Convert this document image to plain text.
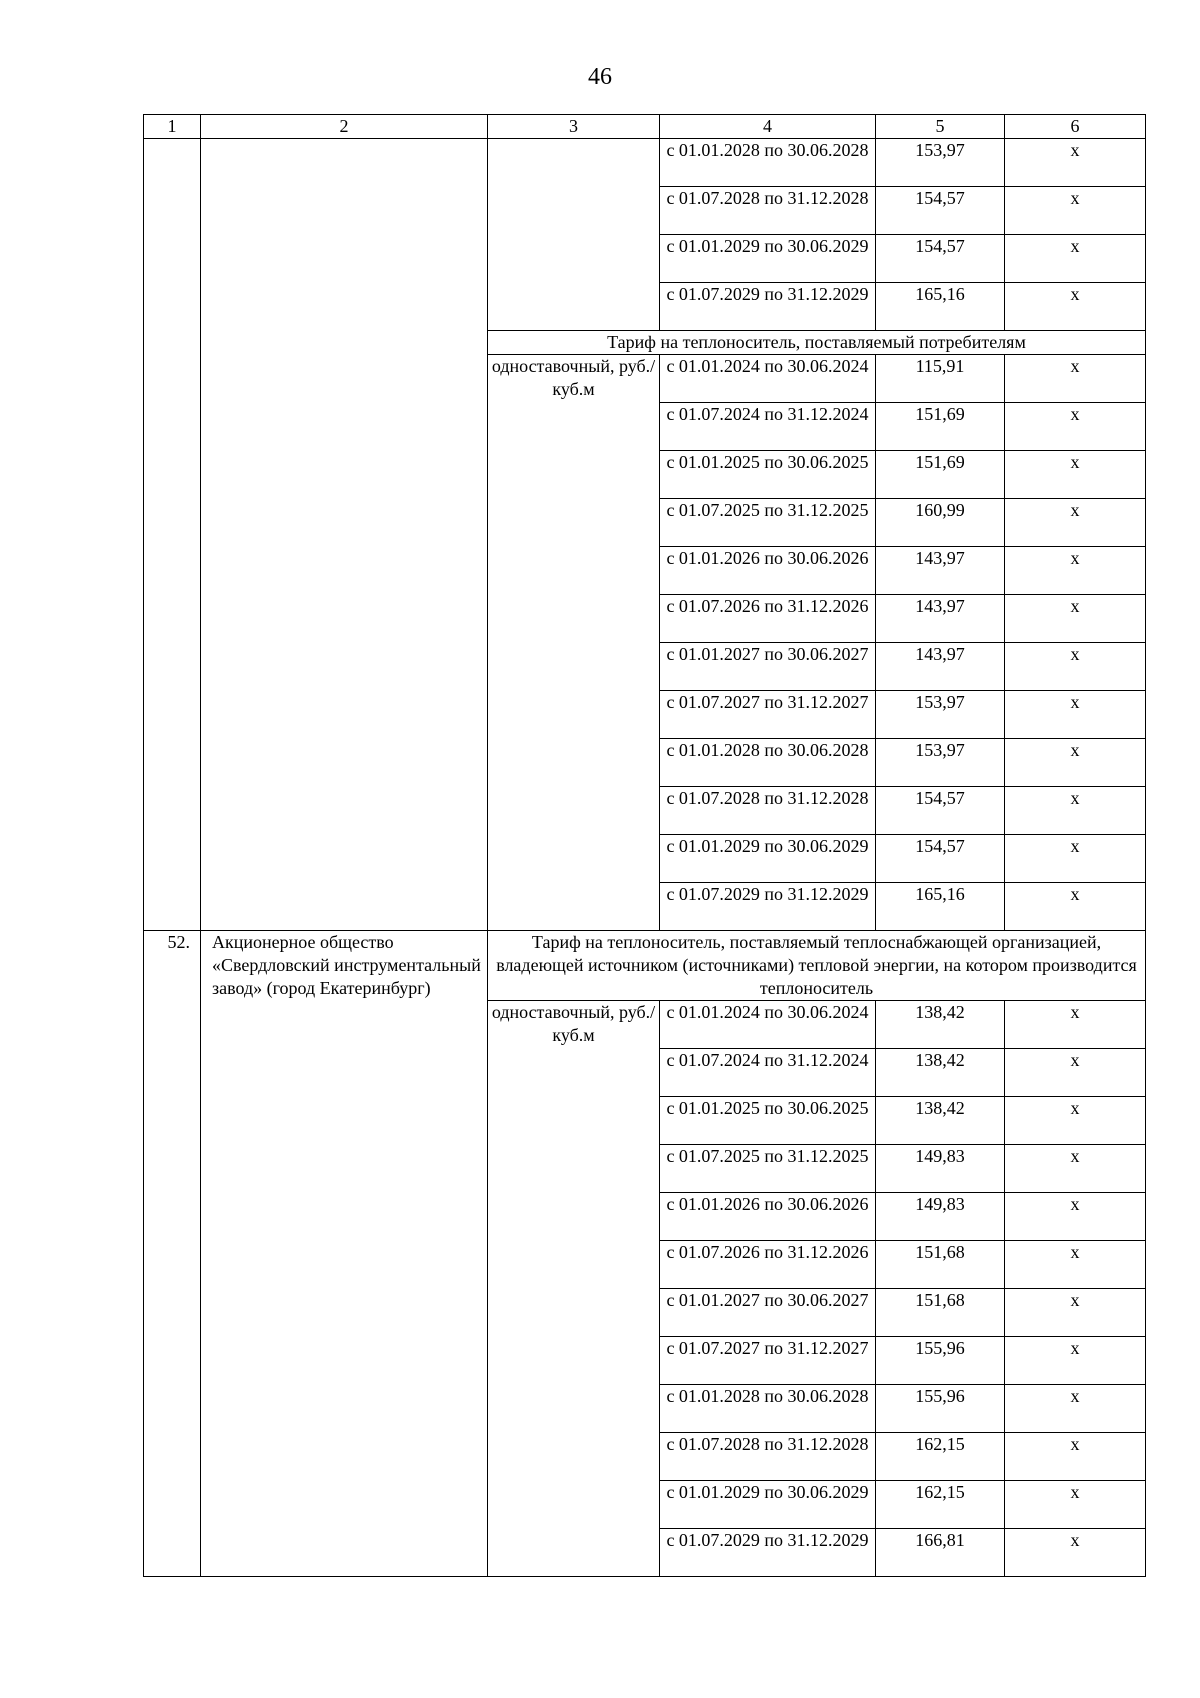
46
1	2	3	4	5	6
			с 01.01.2028 по 30.06.2028	153,97	х
			с 01.07.2028 по 31.12.2028	154,57	х
			с 01.01.2029 по 30.06.2029	154,57	х
			с 01.07.2029 по 31.12.2029	165,16	х
		Тариф на теплоноситель, поставляемый потребителям			
		одноставочный, руб./куб.м	с 01.01.2024 по 30.06.2024	115,91	х
			с 01.07.2024 по 31.12.2024	151,69	х
			с 01.01.2025 по 30.06.2025	151,69	х
			с 01.07.2025 по 31.12.2025	160,99	х
			с 01.01.2026 по 30.06.2026	143,97	х
			с 01.07.2026 по 31.12.2026	143,97	х
			с 01.01.2027 по 30.06.2027	143,97	х
			с 01.07.2027 по 31.12.2027	153,97	х
			с 01.01.2028 по 30.06.2028	153,97	х
			с 01.07.2028 по 31.12.2028	154,57	х
			с 01.01.2029 по 30.06.2029	154,57	х
			с 01.07.2029 по 31.12.2029	165,16	х
52.	Акционерное общество «Свердловский инструментальный завод» (город Екатеринбург)	Тариф на теплоноситель, поставляемый теплоснабжающей организацией, владеющей источником (источниками) тепловой энергии, на котором производится теплоноситель			
		одноставочный, руб./куб.м	с 01.01.2024 по 30.06.2024	138,42	х
			с 01.07.2024 по 31.12.2024	138,42	х
			с 01.01.2025 по 30.06.2025	138,42	х
			с 01.07.2025 по 31.12.2025	149,83	х
			с 01.01.2026 по 30.06.2026	149,83	х
			с 01.07.2026 по 31.12.2026	151,68	х
			с 01.01.2027 по 30.06.2027	151,68	х
			с 01.07.2027 по 31.12.2027	155,96	х
			с 01.01.2028 по 30.06.2028	155,96	х
			с 01.07.2028 по 31.12.2028	162,15	х
			с 01.01.2029 по 30.06.2029	162,15	х
			с 01.07.2029 по 31.12.2029	166,81	х
